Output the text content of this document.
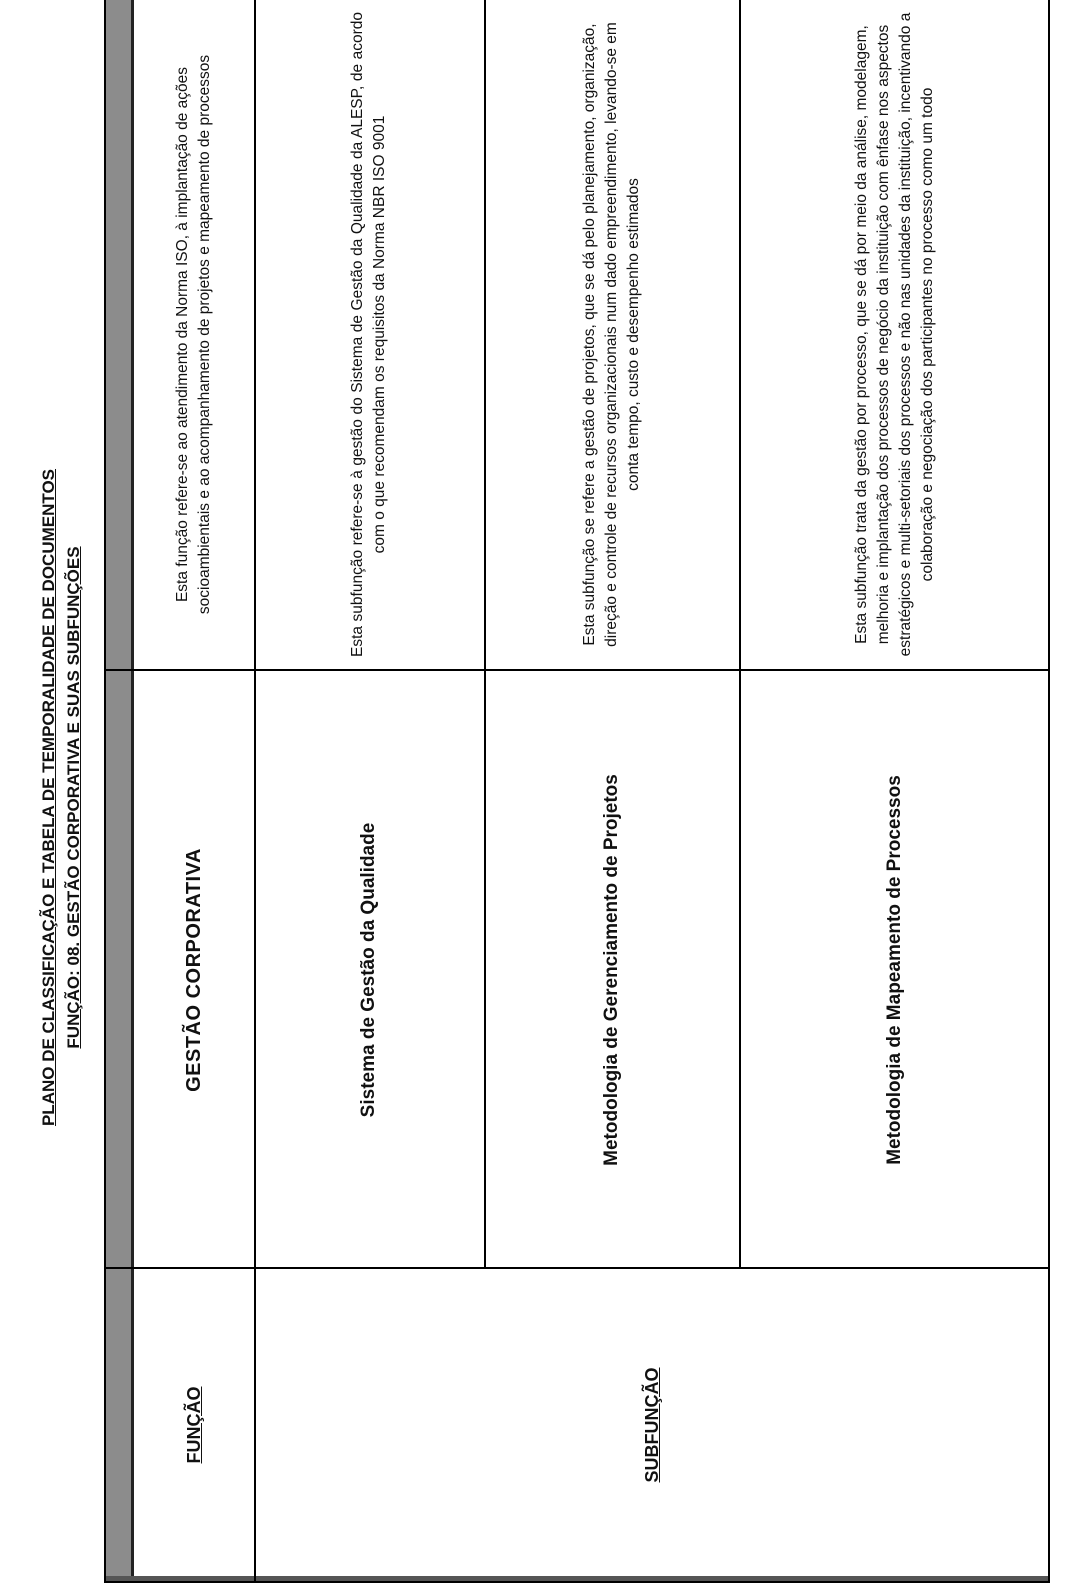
PLANO DE CLASSIFICAÇÃO E TABELA DE TEMPORALIDADE DE DOCUMENTOS FUNÇÃO: 08. GESTÃO CORPORATIVA E SUAS SUBFUNÇÕES
FUNÇÃO
GESTÃO CORPORATIVA
Esta função refere-se ao atendimento da Norma ISO, à implantação de ações socioambientais e ao acompanhamento de projetos e mapeamento de processos
SUBFUNÇÃO
Sistema de Gestão da Qualidade
Esta subfunção refere-se à gestão do Sistema de Gestão da Qualidade da ALESP, de acordo com o que recomendam os requisitos da Norma NBR ISO 9001
Metodologia de Gerenciamento de Projetos
Esta subfunção se refere a gestão de projetos, que se dá pelo planejamento, organização, direção e controle de recursos organizacionais num dado empreendimento, levando-se em conta tempo, custo e desempenho estimados
Metodologia de Mapeamento de Processos
Esta subfunção trata da gestão por processo, que se dá por meio da análise, modelagem, melhoria e implantação dos processos de negócio da instituição com ênfase nos aspectos estratégicos e multi-setoriais dos processos e não nas unidades da instituição, incentivando a colaboração e negociação dos participantes no processo como um todo
